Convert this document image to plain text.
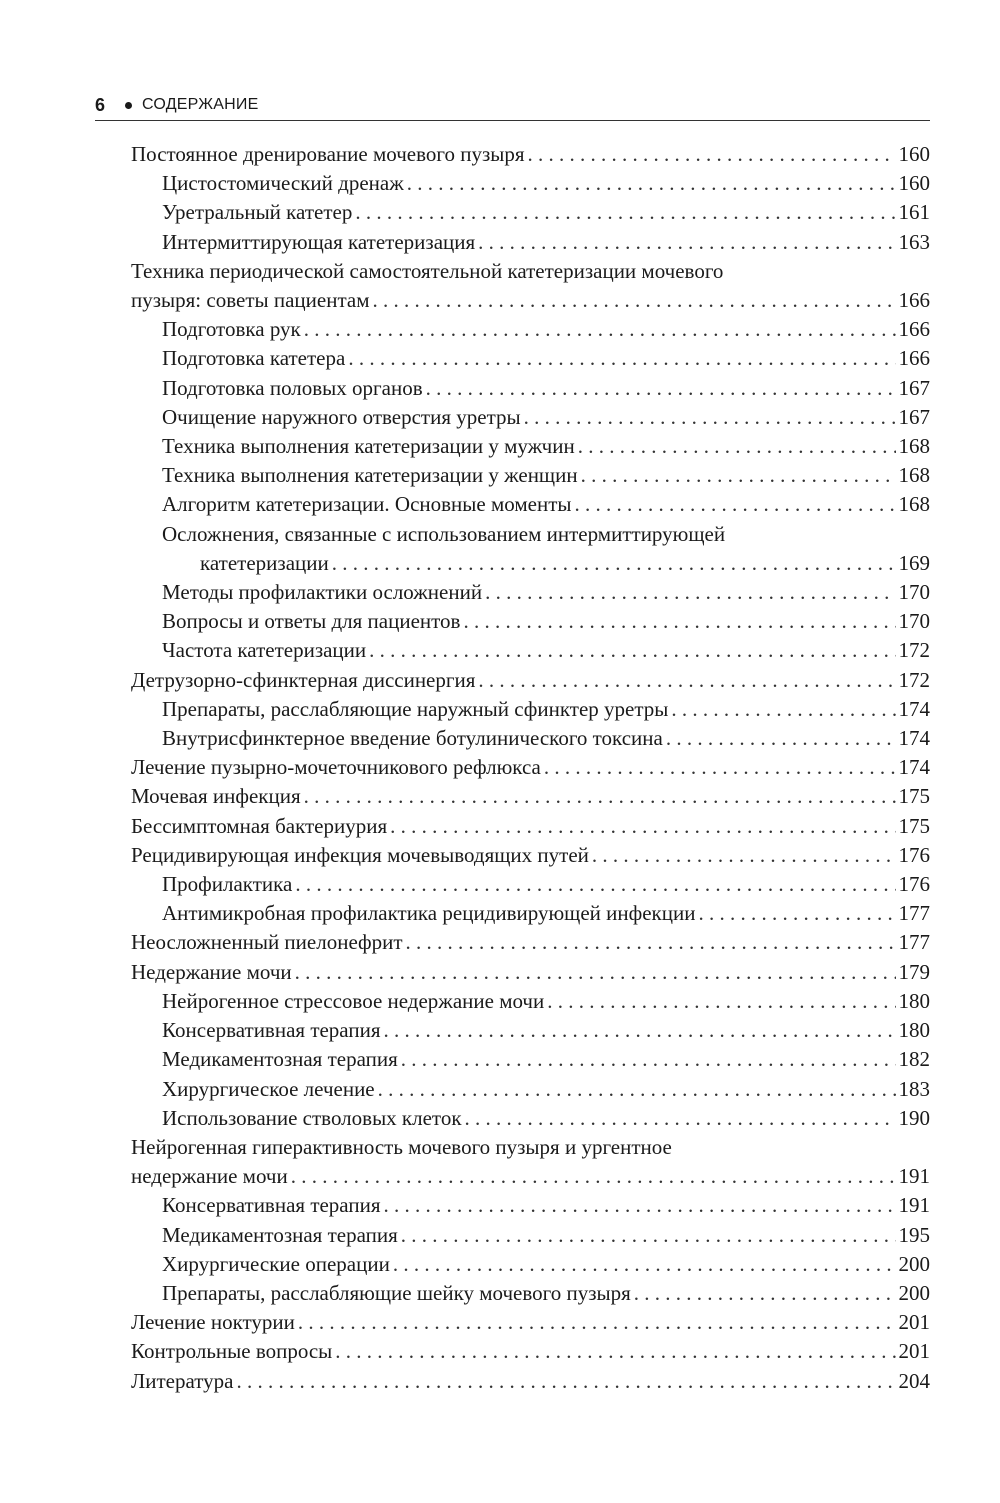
6	СОДЕРЖАНИЕ
Постоянное дренирование мочевого пузыря . . .	160
Цистостомический дренаж . . .	160
Уретральный катетер . . .	161
Интермиттирующая катетеризация . . .	163
Техника периодической самостоятельной катетеризации мочевого
пузыря: советы пациентам . . .	166
Подготовка рук . . .	166
Подготовка катетера . . .	166
Подготовка половых органов . . .	167
Очищение наружного отверстия уретры . . .	167
Техника выполнения катетеризации у мужчин . . .	168
Техника выполнения катетеризации у женщин . . .	168
Алгоритм катетеризации. Основные моменты . . .	168
Осложнения, связанные с использованием интермиттирующей
катетеризации . . .	169
Методы профилактики осложнений . . .	170
Вопросы и ответы для пациентов . . .	170
Частота катетеризации . . .	172
Детрузорно-сфинктерная диссинергия . . .	172
Препараты, расслабляющие наружный сфинктер уретры . . .	174
Внутрисфинктерное введение ботулинического токсина . . .	174
Лечение пузырно-мочеточникового рефлюкса . . .	174
Мочевая инфекция . . .	175
Бессимптомная бактериурия . . .	175
Рецидивирующая инфекция мочевыводящих путей . . .	176
Профилактика . . .	176
Антимикробная профилактика рецидивирующей инфекции . . .	177
Неосложненный пиелонефрит . . .	177
Недержание мочи . . .	179
Нейрогенное стрессовое недержание мочи . . .	180
Консервативная терапия . . .	180
Медикаментозная терапия . . .	182
Хирургическое лечение . . .	183
Использование стволовых клеток . . .	190
Нейрогенная гиперактивность мочевого пузыря и ургентное
недержание мочи . . .	191
Консервативная терапия . . .	191
Медикаментозная терапия . . .	195
Хирургические операции . . .	200
Препараты, расслабляющие шейку мочевого пузыря . . .	200
Лечение ноктурии . . .	201
Контрольные вопросы . . .	201
Литература . . .	204
